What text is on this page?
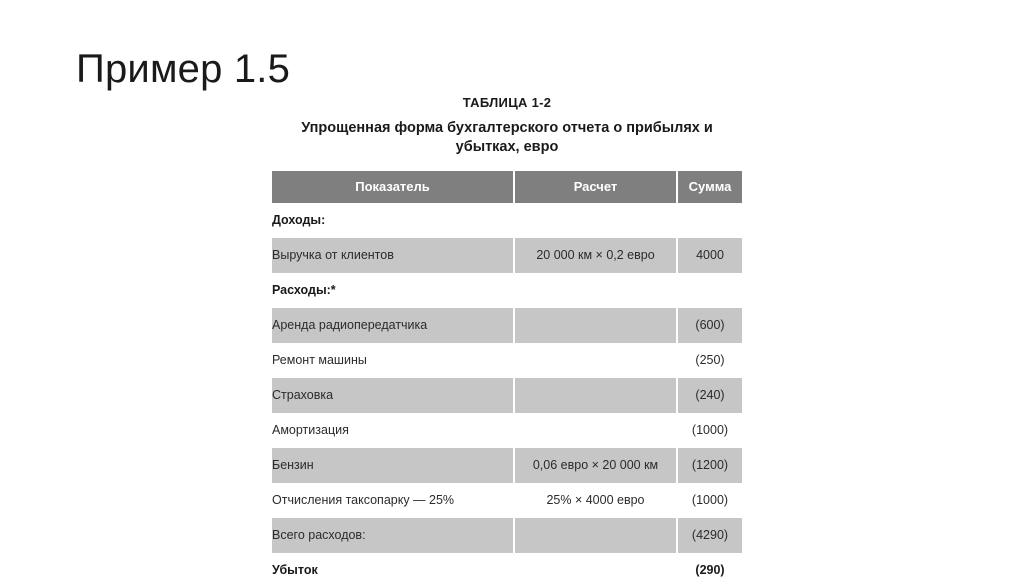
Пример 1.5
ТАБЛИЦА 1-2
Упрощенная форма бухгалтерского отчета о прибылях и убытках, евро
Показатель	Расчет	Сумма
Доходы:		
Выручка от клиентов	20 000 км × 0,2 евро	4000
Расходы:*		
Аренда радиопередатчика		(600)
Ремонт машины		(250)
Страховка		(240)
Амортизация		(1000)
Бензин	0,06 евро × 20 000 км	(1200)
Отчисления таксопарку — 25%	25% × 4000 евро	(1000)
Всего расходов:		(4290)
Убыток		(290)
